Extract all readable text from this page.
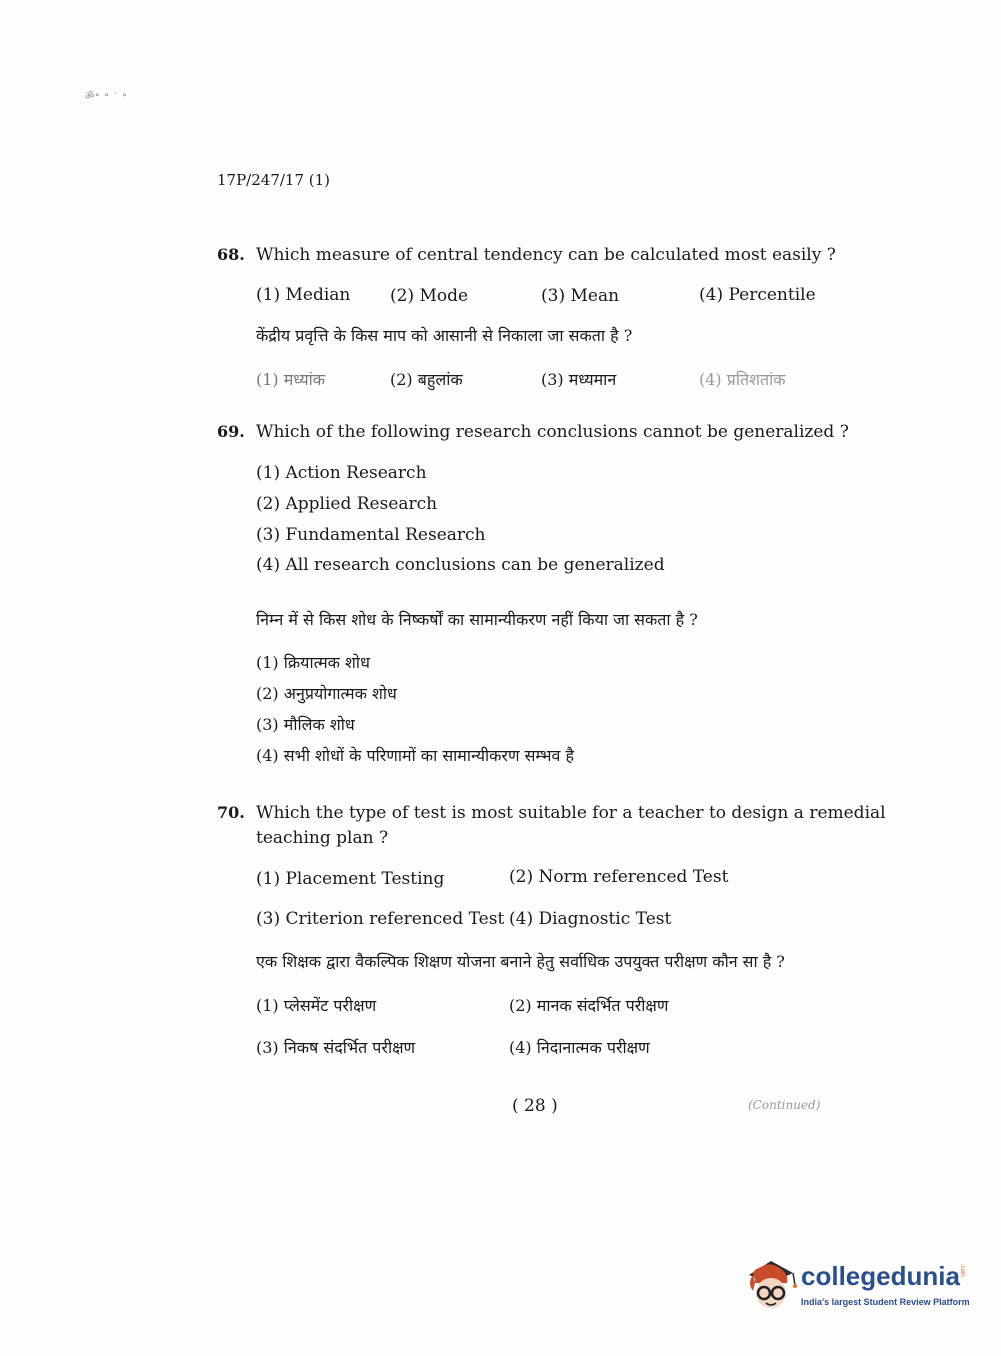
ॐ॰ ॰ ॱ ॰
17P/247/17 (1)
68. Which measure of central tendency can be calculated most easily ?
(1) Median (2) Mode	(3) Mean	(4) Percentile
केंद्रीय प्रवृत्ति के किस माप को आसानी से निकाला जा सकता है ?
(1) मध्यांक	(2) बहुलांक	(3) मध्यमान	(4) प्रतिशतांक
69. Which of the following research conclusions cannot be generalized ?
(1) Action Research
(2) Applied Research
(3) Fundamental Research
(4) All research conclusions can be generalized
निम्न में से किस शोध के निष्कर्षों का सामान्यीकरण नहीं किया जा सकता है ?
(1) क्रियात्मक शोध
(2) अनुप्रयोगात्मक शोध
(3) मौलिक शोध
(4) सभी शोधों के परिणामों का सामान्यीकरण सम्भव है
70. Which the type of test is most suitable for a teacher to design a remedial
teaching plan ?
(1) Placement Testing	(2) Norm referenced Test
(3) Criterion referenced Test (4) Diagnostic Test
एक शिक्षक द्वारा वैकल्पिक शिक्षण योजना बनाने हेतु सर्वाधिक उपयुक्त परीक्षण कौन सा है ?
(1) प्लेसमेंट परीक्षण	(2) मानक संदर्भित परीक्षण
(3) निकष संदर्भित परीक्षण	(4) निदानात्मक परीक्षण
( 28 )	(Continued)
collegedunia .com
India's largest Student Review Platform
